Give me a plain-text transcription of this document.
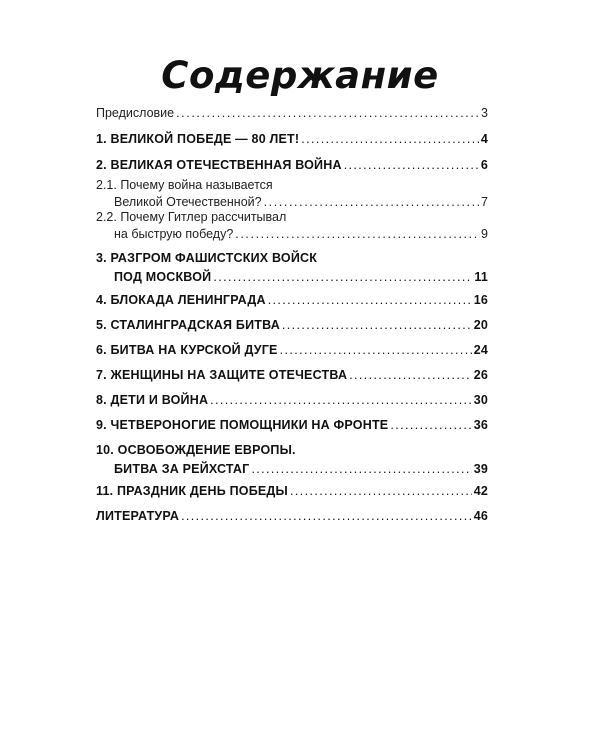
Содержание
Предисловие .....	3
1. ВЕЛИКОЙ ПОБЕДЕ — 80 ЛЕТ! .....	4
2. ВЕЛИКАЯ ОТЕЧЕСТВЕННАЯ ВОЙНА .....	6
2.1. Почему война называется
Великой Отечественной? .....	7
2.2. Почему Гитлер рассчитывал
на быструю победу? .....	9
3. РАЗГРОМ ФАШИСТСКИХ ВОЙСК
ПОД МОСКВОЙ .....	11
4. БЛОКАДА ЛЕНИНГРАДА .....	16
5. СТАЛИНГРАДСКАЯ БИТВА .....	20
6. БИТВА НА КУРСКОЙ ДУГЕ .....	24
7. ЖЕНЩИНЫ НА ЗАЩИТЕ ОТЕЧЕСТВА .....	26
8. ДЕТИ И ВОЙНА .....	30
9. ЧЕТВЕРОНОГИЕ ПОМОЩНИКИ НА ФРОНТЕ .....	36
10. ОСВОБОЖДЕНИЕ ЕВРОПЫ.
БИТВА ЗА РЕЙХСТАГ .....	39
11. ПРАЗДНИК ДЕНЬ ПОБЕДЫ .....	42
ЛИТЕРАТУРА .....	46
